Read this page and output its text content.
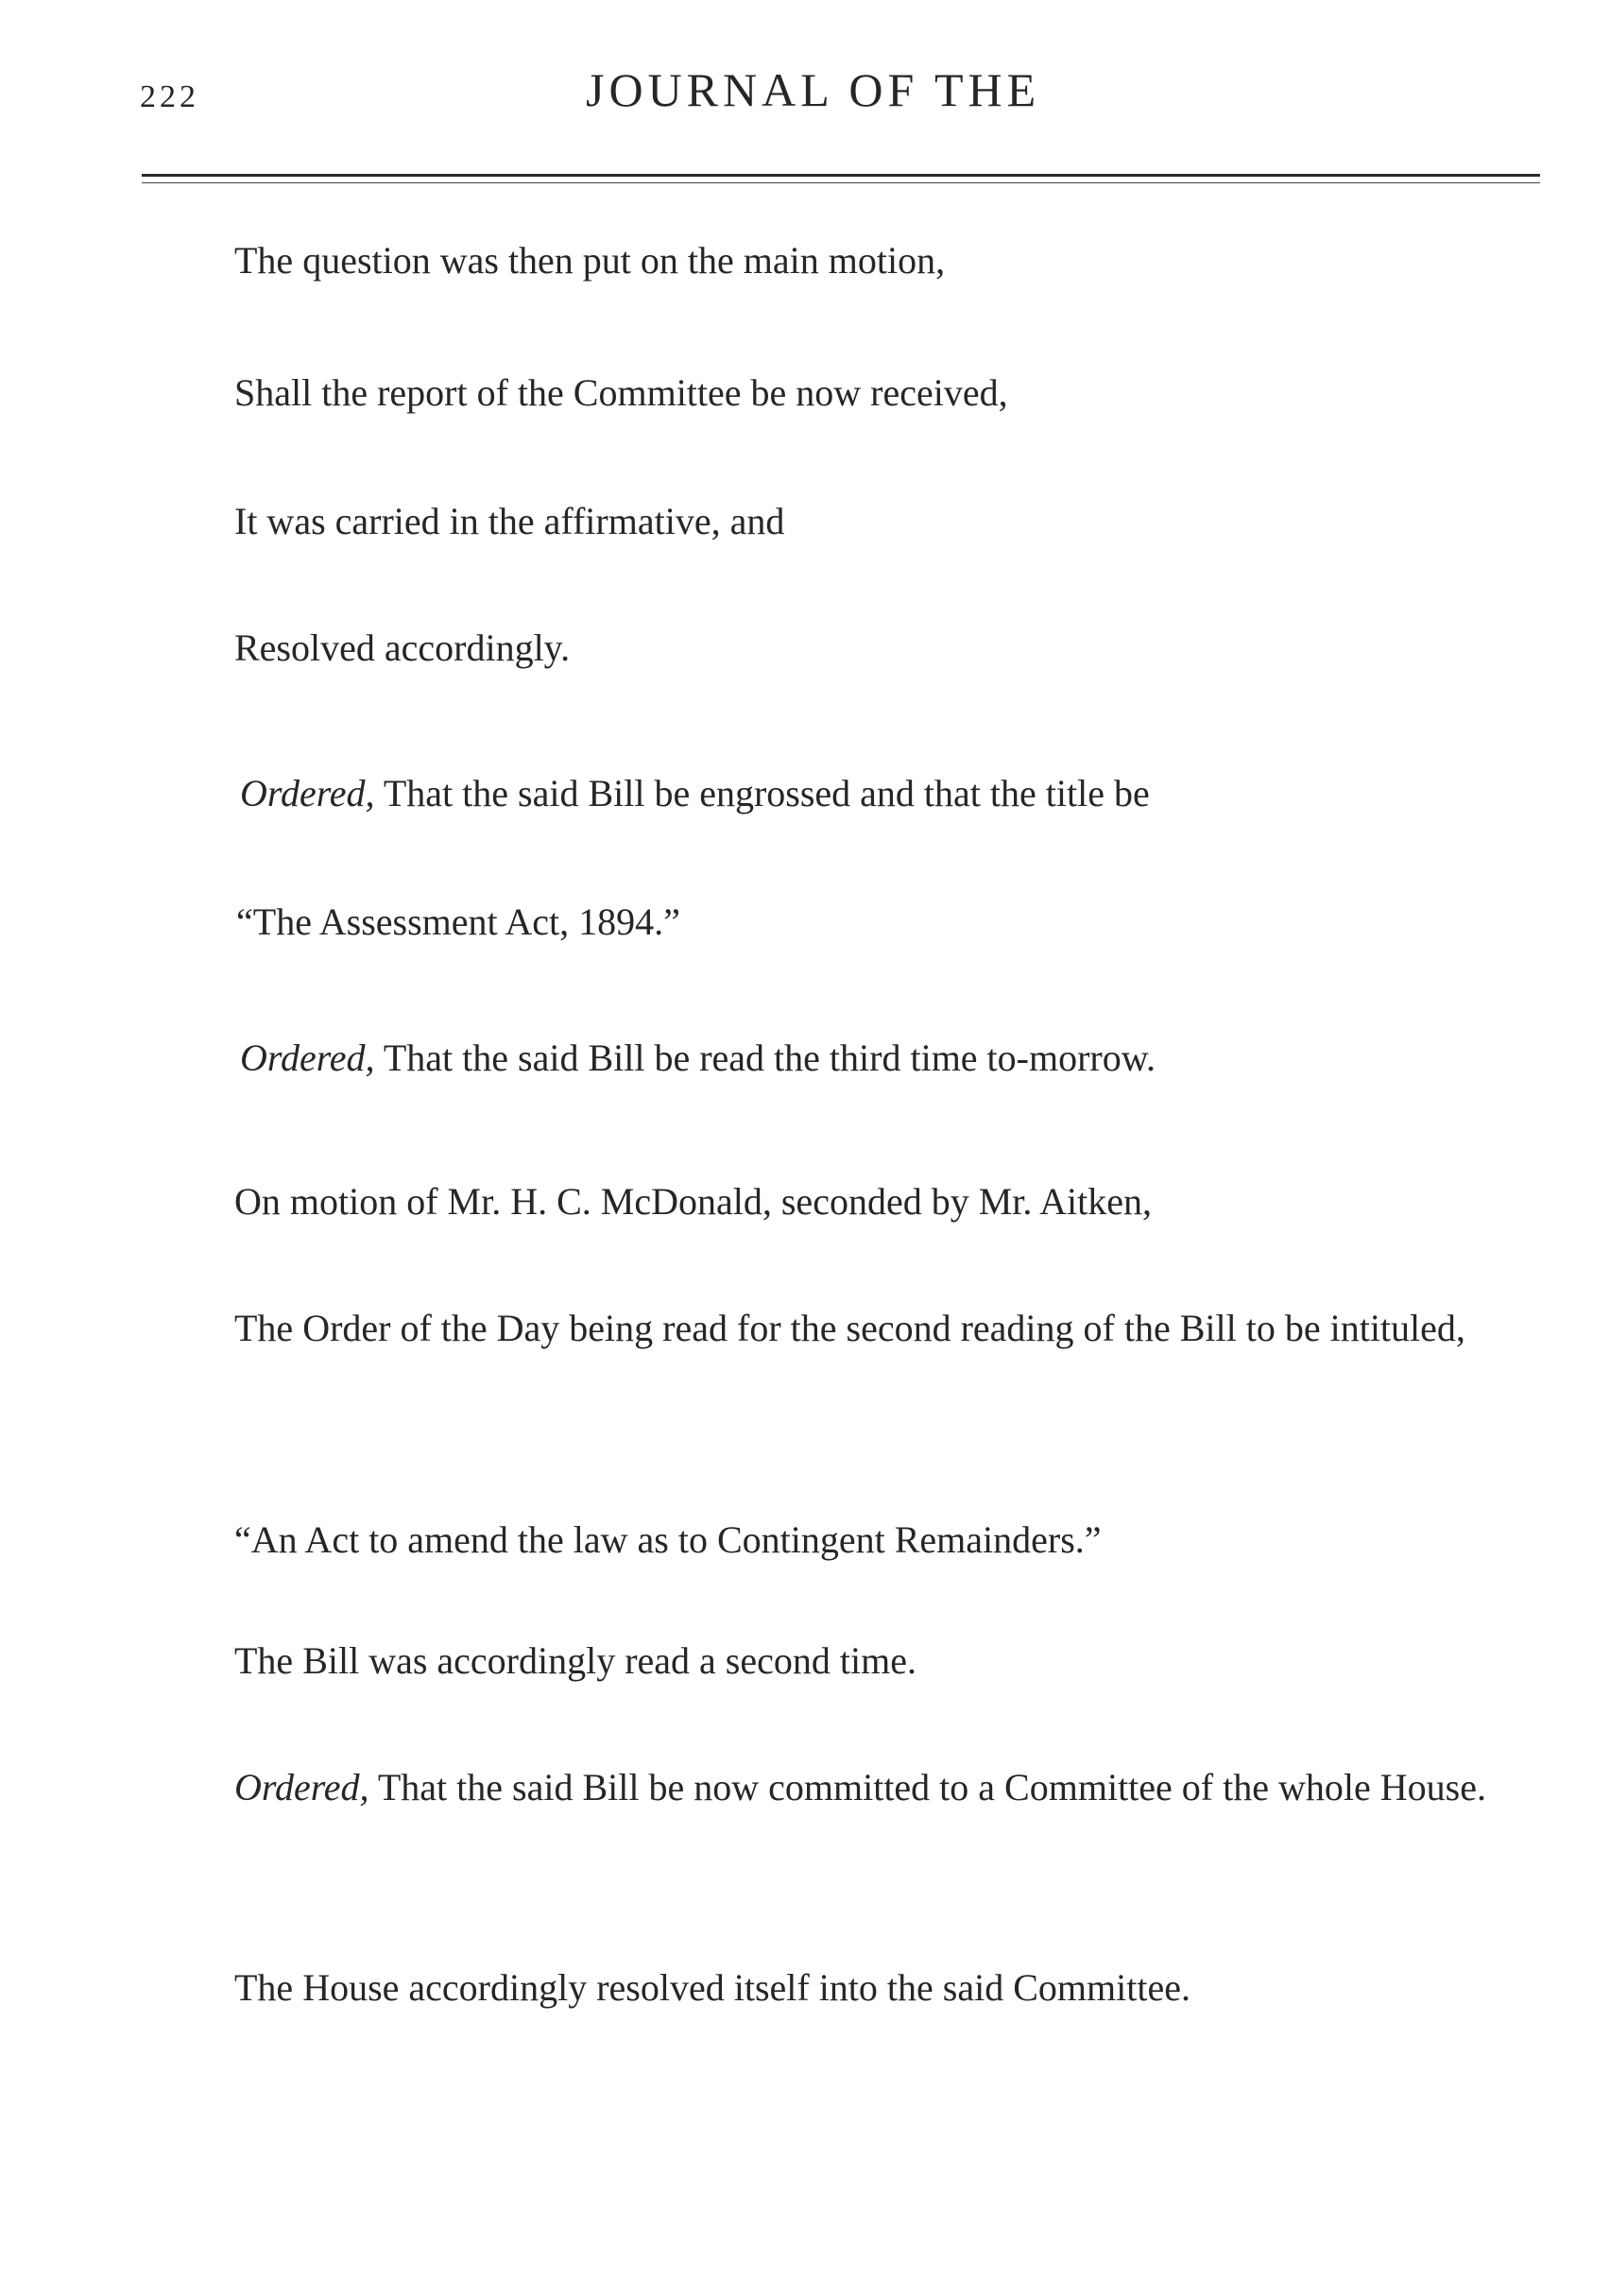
222	JOURNAL OF THE
The question was then put on the main motion,
Shall the report of the Committee be now received,
It was carried in the affirmative, and
Resolved accordingly.
Ordered, That the said Bill be engrossed and that the title be
“The Assessment Act, 1894.”
Ordered, That the said Bill be read the third time to-morrow.
On motion of Mr. H. C. McDonald, seconded by Mr. Aitken,
The Order of the Day being read for the second reading of the Bill to be intituled,
“An Act to amend the law as to Contingent Remainders.”
The Bill was accordingly read a second time.
Ordered, That the said Bill be now committed to a Committee of the whole House.
The House accordingly resolved itself into the said Committee.
